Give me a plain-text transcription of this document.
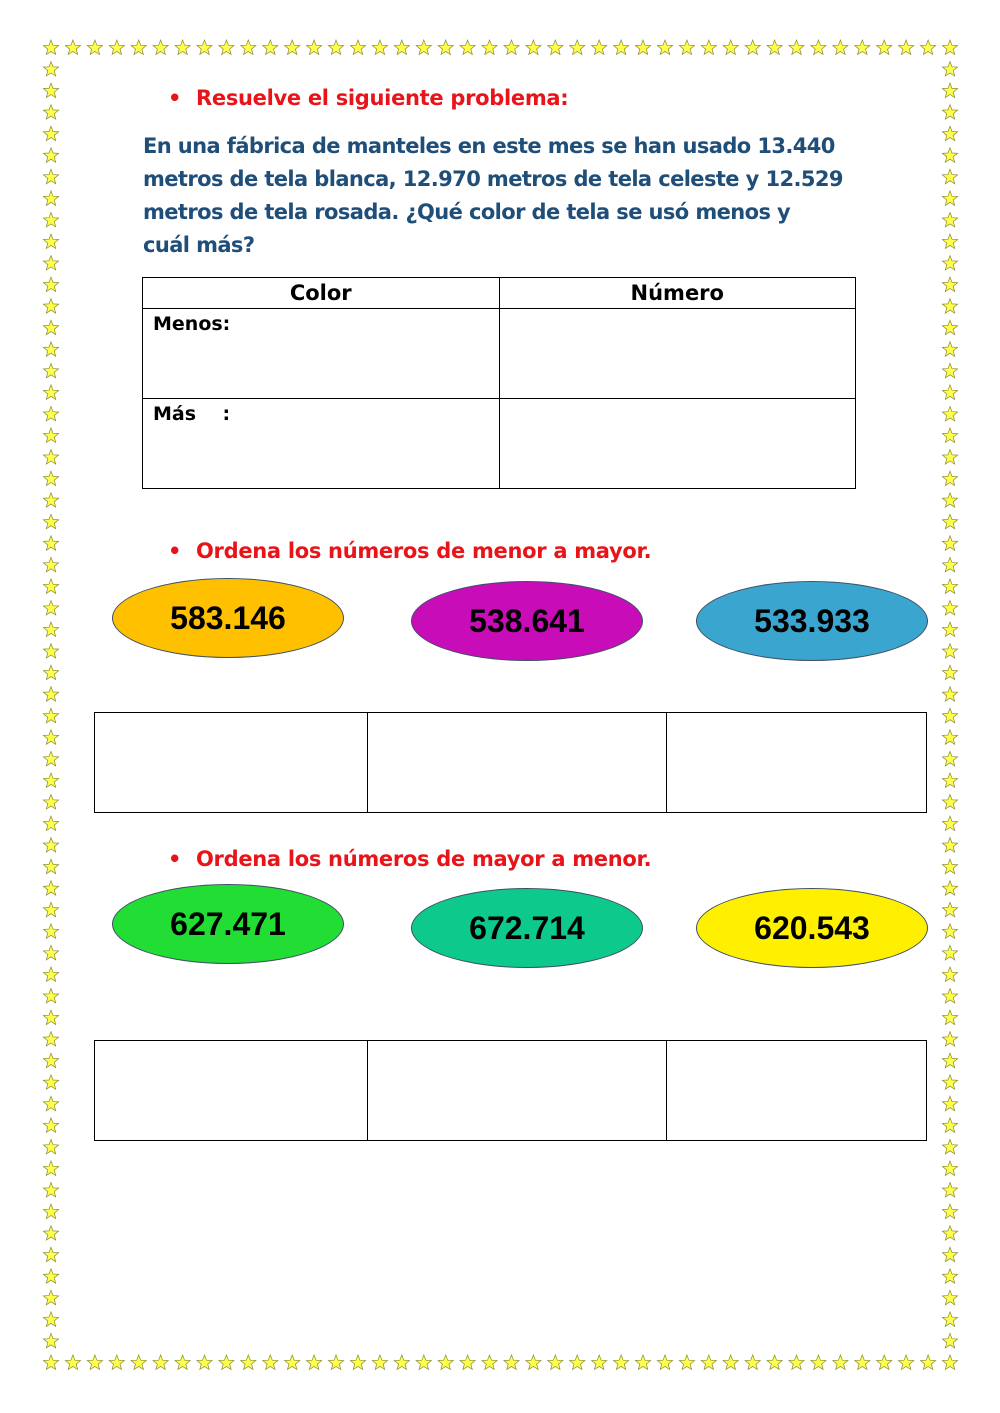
• Resuelve el siguiente problema:

En una fábrica de manteles en este mes se han usado 13.440
metros de tela blanca, 12.970 metros de tela celeste y 12.529
metros de tela rosada. ¿Qué color de tela se usó menos y
cuál más?

Color	Número
Menos:	
Más    :	
• Ordena los números de menor a mayor.
583.146	538.641	533.933

• Ordena los números de mayor a menor.
627.471	672.714	620.543
